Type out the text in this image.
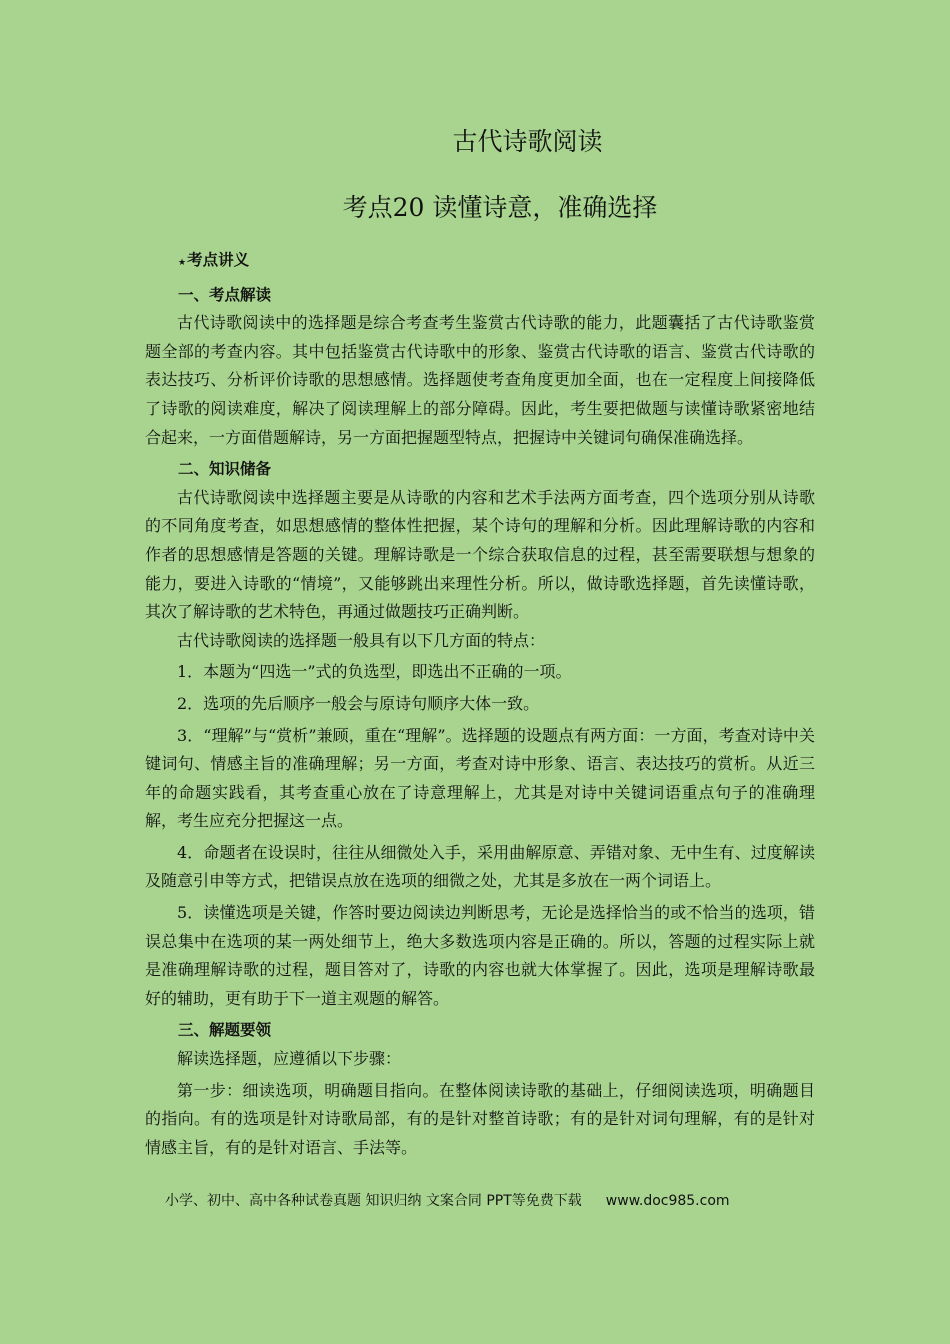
古代诗歌阅读
考点20 读懂诗意，准确选择

★考点讲义

一、考点解读

古代诗歌阅读中的选择题是综合考查考生鉴赏古代诗歌的能力，此题囊括了古代诗歌鉴赏题全部的考查内容。其中包括鉴赏古代诗歌中的形象、鉴赏古代诗歌的语言、鉴赏古代诗歌的表达技巧、分析评价诗歌的思想感情。选择题使考查角度更加全面，也在一定程度上间接降低了诗歌的阅读难度，解决了阅读理解上的部分障碍。因此，考生要把做题与读懂诗歌紧密地结合起来，一方面借题解诗，另一方面把握题型特点，把握诗中关键词句确保准确选择。

二、知识储备

古代诗歌阅读中选择题主要是从诗歌的内容和艺术手法两方面考查，四个选项分别从诗歌的不同角度考查，如思想感情的整体性把握，某个诗句的理解和分析。因此理解诗歌的内容和作者的思想感情是答题的关键。理解诗歌是一个综合获取信息的过程，甚至需要联想与想象的能力，要进入诗歌的“情境”，又能够跳出来理性分析。所以，做诗歌选择题，首先读懂诗歌，其次了解诗歌的艺术特色，再通过做题技巧正确判断。

古代诗歌阅读的选择题一般具有以下几方面的特点：

1．本题为“四选一”式的负选型，即选出不正确的一项。

2．选项的先后顺序一般会与原诗句顺序大体一致。

3．“理解”与“赏析”兼顾，重在“理解”。选择题的设题点有两方面：一方面，考查对诗中关键词句、情感主旨的准确理解；另一方面，考查对诗中形象、语言、表达技巧的赏析。从近三年的命题实践看，其考查重心放在了诗意理解上，尤其是对诗中关键词语重点句子的准确理解，考生应充分把握这一点。

4．命题者在设误时，往往从细微处入手，采用曲解原意、弄错对象、无中生有、过度解读及随意引申等方式，把错误点放在选项的细微之处，尤其是多放在一两个词语上。

5．读懂选项是关键，作答时要边阅读边判断思考，无论是选择恰当的或不恰当的选项，错误总集中在选项的某一两处细节上，绝大多数选项内容是正确的。所以，答题的过程实际上就是准确理解诗歌的过程，题目答对了，诗歌的内容也就大体掌握了。因此，选项是理解诗歌最好的辅助，更有助于下一道主观题的解答。

三、解题要领

解读选择题，应遵循以下步骤：

第一步：细读选项，明确题目指向。在整体阅读诗歌的基础上，仔细阅读选项，明确题目的指向。有的选项是针对诗歌局部，有的是针对整首诗歌；有的是针对词句理解，有的是针对情感主旨，有的是针对语言、手法等。

小学、初中、高中各种试卷真题 知识归纳 文案合同 PPT等免费下载 www.doc985.com
